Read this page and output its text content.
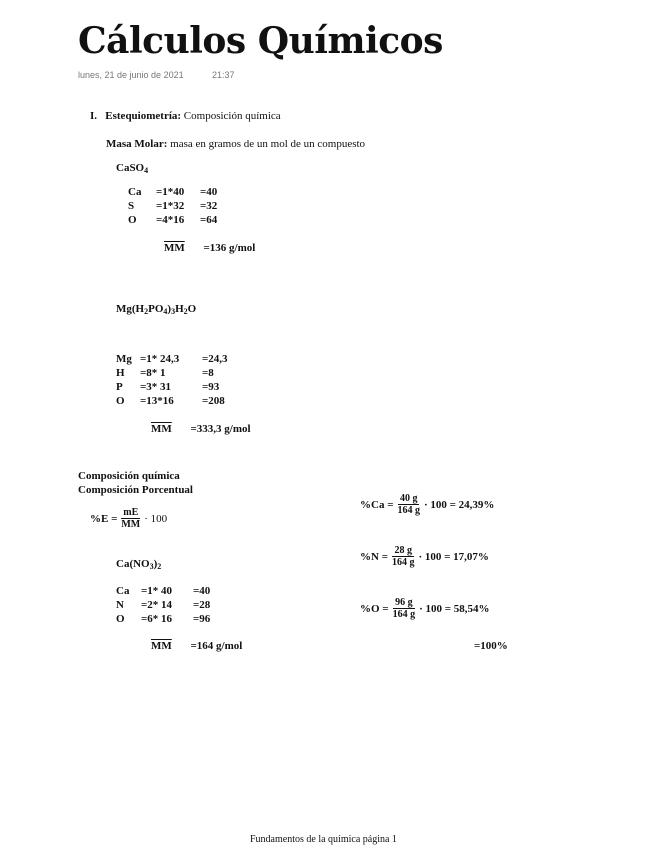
Cálculos Químicos
lunes, 21 de junio de 2021	21:37
I. Estequiometría: Composición química
Masa Molar: masa en gramos de un mol de un compuesto
CaSO$_4$
Ca	=1*40	=40
S	=1*32	=32
O	=4*16	=64
$\overline{MM} =136$ g/mol
$Mg(H_2PO_4)_3H_2O$
Mg =1* 24,3	=24,3
H	=8* 1	=8
P	=3* 31	=93
O	=13*16	=208
$\overline{MM} =333,3$ g/mol
Composición química
Composición Porcentual
$\%E = \frac{mE}{MM} \cdot 100$
$Ca(NO_3)_2$
Ca	=1* 40	=40
N	=2* 14	=28
O	=6* 16	=96
$\overline{MM} =164$ g/mol
$\%Ca = \frac{40 g}{164 g} \cdot 100 = 24,39\%$
$\%N = \frac{28 g}{164 g} \cdot 100 = 17,07\%$
$\%O = \frac{96 g}{164 g} \cdot 100 = 58,54\%$
=100%
Fundamentos de la química página 1
